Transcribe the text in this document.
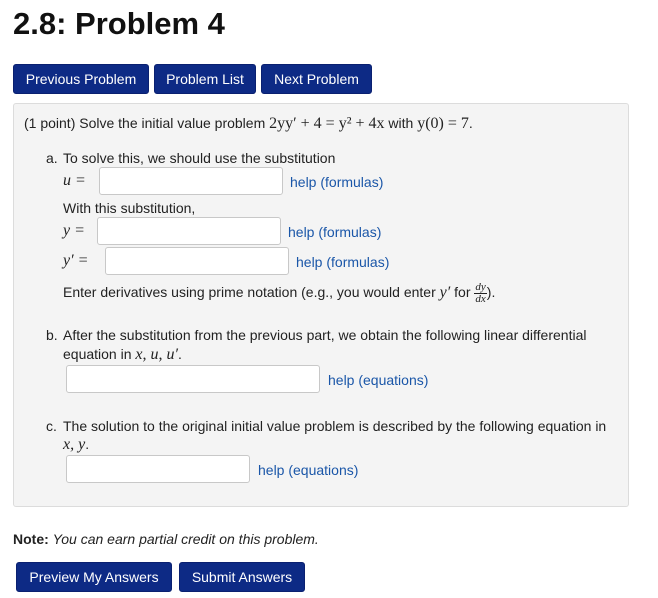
2.8: Problem 4
Previous Problem	Problem List	Next Problem
(1 point) Solve the initial value problem 2yy′ + 4 = y² + 4x with y(0) = 7.
a. To solve this, we should use the substitution
u =	help (formulas)
With this substitution,
y =	help (formulas)
y′ =	help (formulas)
Enter derivatives using prime notation (e.g., you would enter y′ for $\frac{dy}{dx}$ ).
b. After the substitution from the previous part, we obtain the following linear differential
equation in x, u, u′.
help (equations)
c. The solution to the original initial value problem is described by the following equation in
x, y.
help (equations)
Note: You can earn partial credit on this problem.
Preview My Answers	Submit Answers
